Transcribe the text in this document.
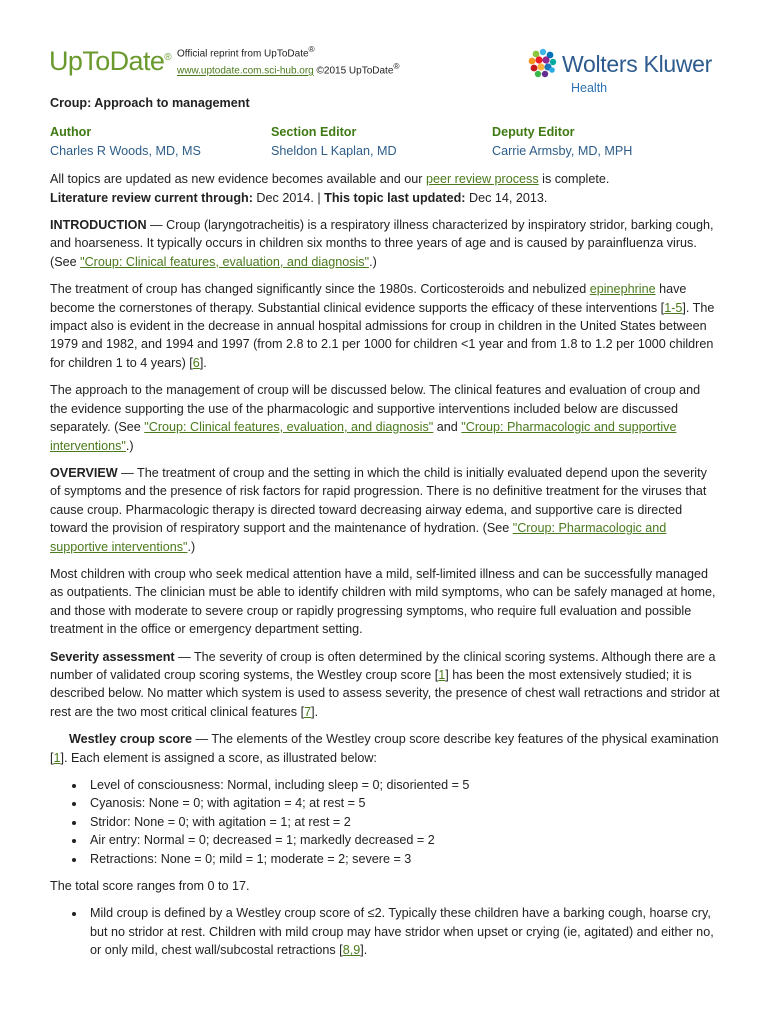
UpToDate® Official reprint from UpToDate®
www.uptodate.com.sci-hub.org ©2015 UpToDate®	Wolters Kluwer
Health
Croup: Approach to management
Author
Charles R Woods, MD, MS
Section Editor
Sheldon L Kaplan, MD
Deputy Editor
Carrie Armsby, MD, MPH
All topics are updated as new evidence becomes available and our peer review process is complete.
Literature review current through: Dec 2014. | This topic last updated: Dec 14, 2013.

INTRODUCTION — Croup (laryngotracheitis) is a respiratory illness characterized by inspiratory stridor, barking cough, and hoarseness. It typically occurs in children six months to three years of age and is caused by parainfluenza virus. (See "Croup: Clinical features, evaluation, and diagnosis".)

The treatment of croup has changed significantly since the 1980s. Corticosteroids and nebulized epinephrine have become the cornerstones of therapy. Substantial clinical evidence supports the efficacy of these interventions [1-5]. The impact also is evident in the decrease in annual hospital admissions for croup in children in the United States between 1979 and 1982, and 1994 and 1997 (from 2.8 to 2.1 per 1000 for children <1 year and from 1.8 to 1.2 per 1000 children for children 1 to 4 years) [6].

The approach to the management of croup will be discussed below. The clinical features and evaluation of croup and the evidence supporting the use of the pharmacologic and supportive interventions included below are discussed separately. (See "Croup: Clinical features, evaluation, and diagnosis" and "Croup: Pharmacologic and supportive interventions".)

OVERVIEW — The treatment of croup and the setting in which the child is initially evaluated depend upon the severity of symptoms and the presence of risk factors for rapid progression. There is no definitive treatment for the viruses that cause croup. Pharmacologic therapy is directed toward decreasing airway edema, and supportive care is directed toward the provision of respiratory support and the maintenance of hydration. (See "Croup: Pharmacologic and supportive interventions".)

Most children with croup who seek medical attention have a mild, self-limited illness and can be successfully managed as outpatients. The clinician must be able to identify children with mild symptoms, who can be safely managed at home, and those with moderate to severe croup or rapidly progressing symptoms, who require full evaluation and possible treatment in the office or emergency department setting.

Severity assessment — The severity of croup is often determined by the clinical scoring systems. Although there are a number of validated croup scoring systems, the Westley croup score [1] has been the most extensively studied; it is described below. No matter which system is used to assess severity, the presence of chest wall retractions and stridor at rest are the two most critical clinical features [7].

Westley croup score — The elements of the Westley croup score describe key features of the physical examination [1]. Each element is assigned a score, as illustrated below:

• Level of consciousness: Normal, including sleep = 0; disoriented = 5
• Cyanosis: None = 0; with agitation = 4; at rest = 5
• Stridor: None = 0; with agitation = 1; at rest = 2
• Air entry: Normal = 0; decreased = 1; markedly decreased = 2
• Retractions: None = 0; mild = 1; moderate = 2; severe = 3

The total score ranges from 0 to 17.

• Mild croup is defined by a Westley croup score of ≤2. Typically these children have a barking cough, hoarse cry, but no stridor at rest. Children with mild croup may have stridor when upset or crying (ie, agitated) and either no, or only mild, chest wall/subcostal retractions [8,9].
